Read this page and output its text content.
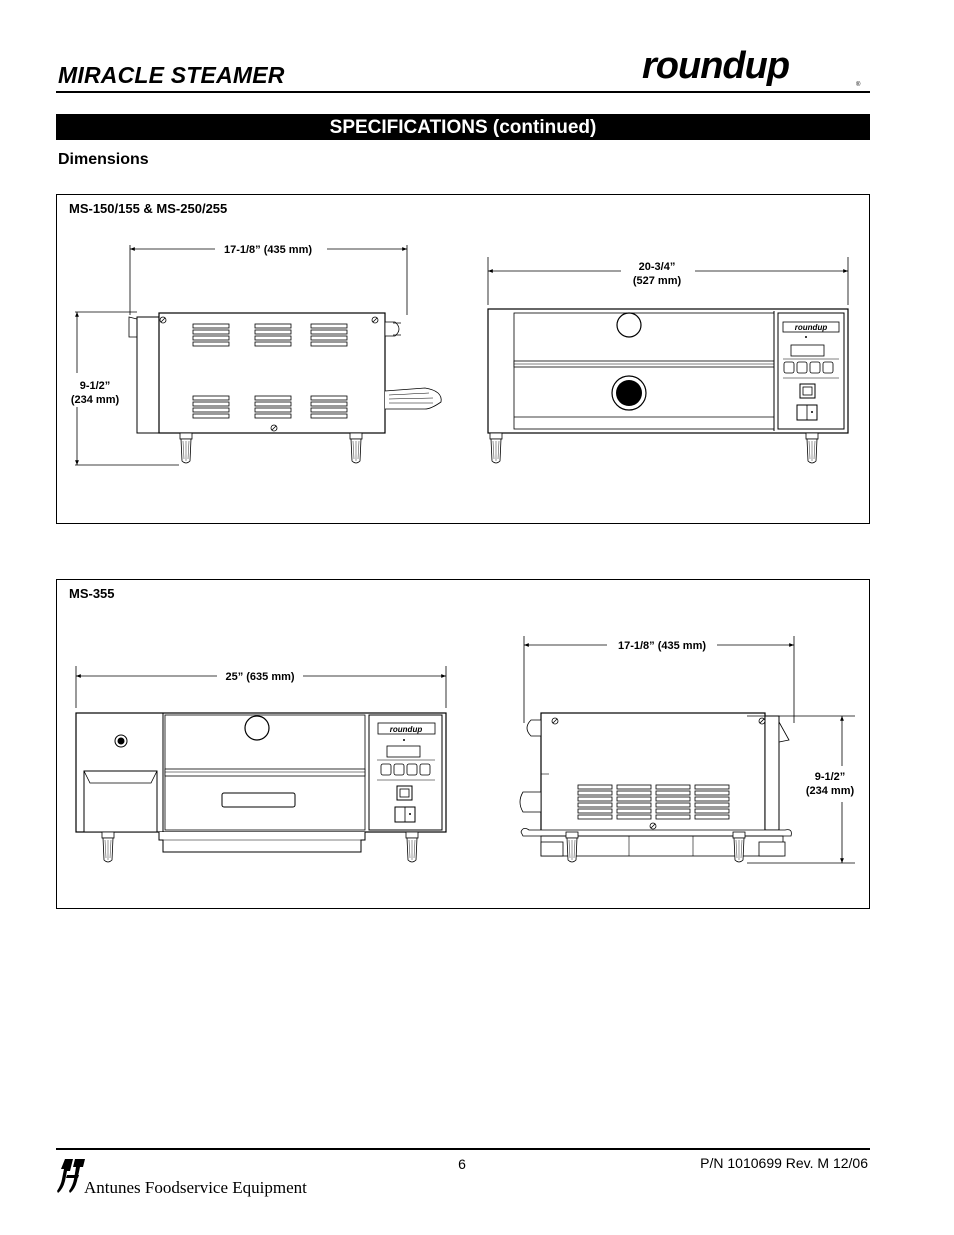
MIRACLE STEAMER	roundup	®
SPECIFICATIONS (continued)
Dimensions
MS-150/155 & MS-250/255
17-1/8” (435 mm)
9-1/2”
(234 mm)
20-3/4”
(527 mm)
roundup
MS-355
25” (635 mm)
roundup
17-1/8” (435 mm)
9-1/2”
(234 mm)
Antunes Foodservice Equipment
6	P/N 1010699 Rev. M 12/06
